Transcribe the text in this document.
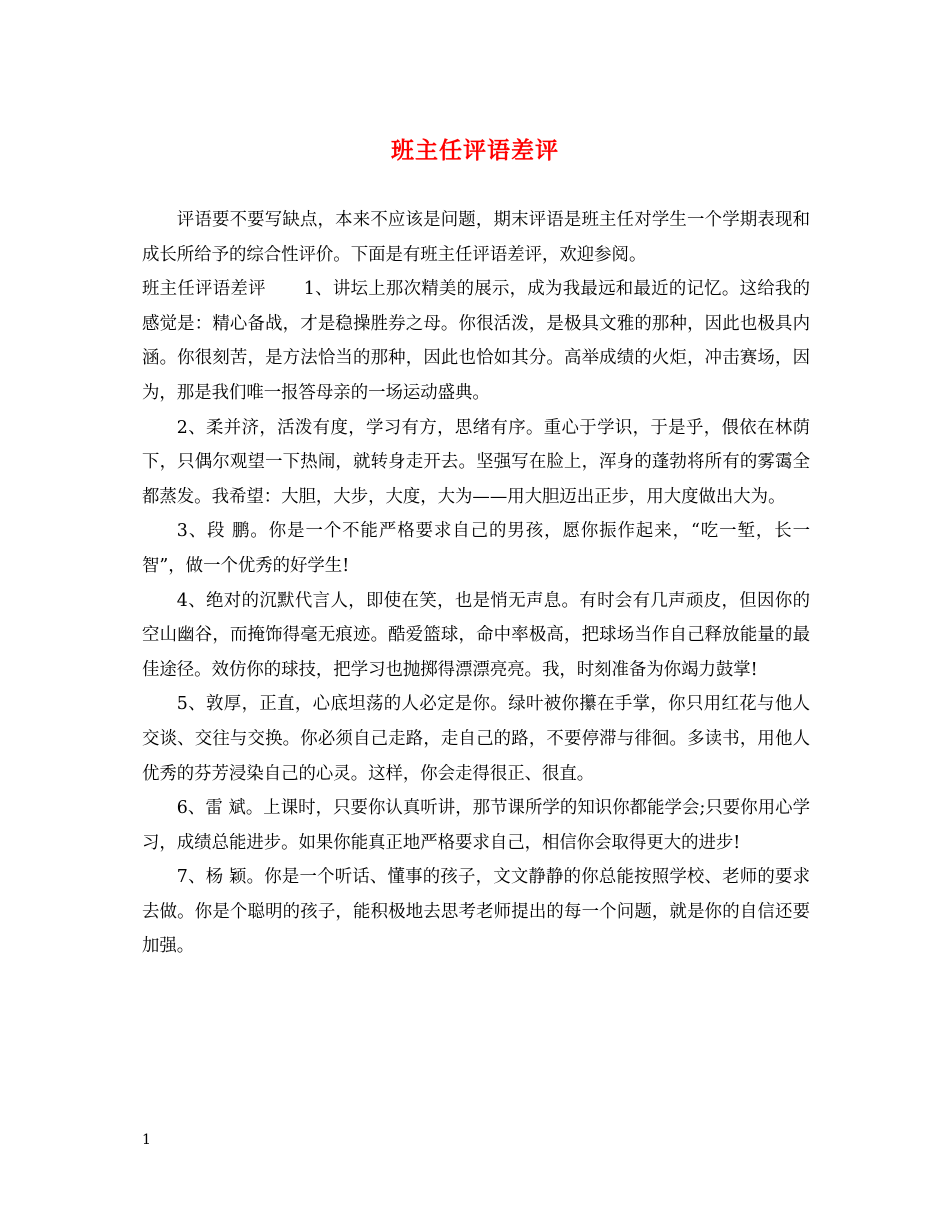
班主任评语差评

评语要不要写缺点，本来不应该是问题，期末评语是班主任对学生一个学期表现和成长所给予的综合性评价。下面是有班主任评语差评，欢迎参阅。

班主任评语差评 1、讲坛上那次精美的展示，成为我最远和最近的记忆。这给我的感觉是：精心备战，才是稳操胜券之母。你很活泼，是极具文雅的那种，因此也极具内涵。你很刻苦，是方法恰当的那种，因此也恰如其分。高举成绩的火炬，冲击赛场，因为，那是我们唯一报答母亲的一场运动盛典。

2、柔并济，活泼有度，学习有方，思绪有序。重心于学识，于是乎，偎依在林荫下，只偶尔观望一下热闹，就转身走开去。坚强写在脸上，浑身的蓬勃将所有的雾霭全都蒸发。我希望：大胆，大步，大度，大为——用大胆迈出正步，用大度做出大为。

3、段 鹏。你是一个不能严格要求自己的男孩，愿你振作起来，“吃一堑，长一智”，做一个优秀的好学生!

4、绝对的沉默代言人，即使在笑，也是悄无声息。有时会有几声顽皮，但因你的空山幽谷，而掩饰得毫无痕迹。酷爱篮球，命中率极高，把球场当作自己释放能量的最佳途径。效仿你的球技，把学习也抛掷得漂漂亮亮。我，时刻准备为你竭力鼓掌!

5、敦厚，正直，心底坦荡的人必定是你。绿叶被你攥在手掌，你只用红花与他人交谈、交往与交换。你必须自己走路，走自己的路，不要停滞与徘徊。多读书，用他人优秀的芬芳浸染自己的心灵。这样，你会走得很正、很直。

6、雷 斌。上课时，只要你认真听讲，那节课所学的知识你都能学会;只要你用心学习，成绩总能进步。如果你能真正地严格要求自己，相信你会取得更大的进步!

7、杨 颖。你是一个听话、懂事的孩子，文文静静的你总能按照学校、老师的要求去做。你是个聪明的孩子，能积极地去思考老师提出的每一个问题，就是你的自信还要加强。

1
